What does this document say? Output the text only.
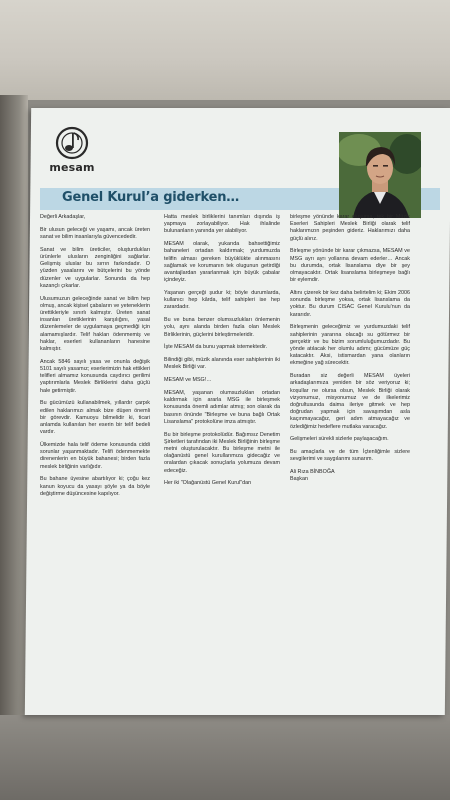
mesam
Genel Kurul’a giderken…

Değerli Arkadaşlar,

Bir ulusun geleceği ve yaşamı, ancak üreten sanat ve bilim insanlarıyla güvencededir.

Sanat ve bilim üreticiler, oluşturdukları ürünlerle ulusların zenginliğini sağlarlar. Gelişmiş uluslar bu sırrın farkındadır. O yüzden yasalarını ve bütçelerini bu yönde düzenler ve uygularlar. Sonunda da hep kazançlı çıkarlar.

Ulusumuzun geleceğinde sanat ve bilim hep olmuş, ancak kişisel çabaların ve yeteneklerin ürettikleriyle sınırlı kalmıştır. Üreten sanat insanları üretiklerinin karşılığını, yasal düzenlemeler de uygulamaya geçmediği için alamamışlardır. Telif hakları ödenmemiş ve haklar, eserleri kullananların hanesine kalmıştır.

Ancak 5846 sayılı yasa ve onunla değişik 5101 sayılı yasamız; eserlerimizin hak ettikleri telifleri almamız konusunda caydırıcı gerilimi yaptırımlarla Meslek Birliklerini daha güçlü hale getirmiştir.

Bu gücümüzü kullanabilmek, yıllardır çarpık edilen haklarımızı almak bize düşen önemli bir görevdir. Kamuoyu bilmelidir ki, ticari anlamda kullanılan her eserin bir telif bedeli vardır.

Ülkemizde hala telif ödeme konusunda ciddi sorunlar yaşanmaktadır. Telifi ödenmemekte direnenlerin en büyük bahanesi; birden fazla meslek birliğinin varlığıdır.

Bu bahane üyesine abartılıyor ki; çoğu kez kanun koyucu da yasayı şöyle ya da böyle değiştirme düşüncesine kapılıyor.

Hatta meslek birliklerini tanımları dışında iş yapmaya zorlayabiliyor. Hak ihlalinde bulunanların yanında yer alabiliyor.

MESAM olarak, yukarıda bahsettiğimiz bahaneleri ortadan kaldırmak; yurdumuzda telifin alması gereken büyüklükte alınmasını sağlamak ve korumanın tek olugunun getirdiği avantajlardan yararlanmak için büyük çabalar içindeyiz.

Yaşanan gerçeği şudur ki; böyle durumlarda, kullanıcı hep kârda, telif sahipleri ise hep zarardadır.

Bu ve buna benzer olumsuzlukları önlemenin yolu, aynı alanda birden fazla olan Meslek Birliklerinin, güçlerini birleştirmeleridir.

İşte MESAM da bunu yapmak istemektedir.

Bilindiği gibi, müzik alanında eser sahiplerinin iki Meslek Birliği var.

MESAM ve MSG!…

MESAM, yaşanan olumsuzlukları ortadan kaldırmak için ararla MSG ile birleşmek konusunda önemli adımlar atmış; son olarak da basının önünde "Birleşme ve buna bağlı Ortak Lisanslama" protokolüne imza atmıştır.

Bu bir birleşme protokolüdür. Bağımsız Denetim Şirketleri tarafından iki Meslek Birliğinin birleşme metni oluşturulacaktır. Bu birleşme metni ile olağanüstü genel kurullarımıza gidecağiz ve oralardan çıkacak sonuçlarla yolumuza devam edeceğiz.

Her iki "Olağanüstü Genel Kurul"dan

birleşme yönünde karar oluşursa, tek bir Müzik Eserleri Sahipleri Meslek Birliği olarak telif haklarımızın peşinden gideriz. Haklarımızı daha güçlü alırız.

Birleşme yönünde bir karar çıkmazsa, MESAM ve MSG ayrı ayrı yollarına devam ederler… Ancak bu durumda, ortak lisanslama diye bir şey olmayacaktır. Ortak lisanslama birleşmeye bağlı bir eylemdir.

Altını çizerek bir kez daha belirtelim ki; Ekim 2006 sonunda birleşme yoksa, ortak lisanslama da yoktur. Bu durum CISAC Genel Kurulu'nun da kararıdır.

Birleşmenin geleceğimiz ve yurdumuzdaki telif sahiplerinin yararına olacağı su götürmez bir gerçektir ve bu bizim sorumluluğumuzdadır. Bu yönde atılacak her olumlu adımı; gücümüze güç katacaktır. Aksi, istismardan yana olanların ekmeğine yağ sürecektir.

Buradan siz değerli MESAM üyeleri arkadaşlarımıza yeniden bir söz veriyoruz ki; koşullar ne olursa olsun, Meslek Birliği olarak vizyonumuz, misyonumuz ve de ilkelerimiz doğrultusunda daima ileriye gitmek ve hep doğrudan yapmak için savaşımdan asla kaçınmayacağız, geri adım atmayacağız ve özlediğimiz hedeflere mutlaka varacağız.

Gelişmeleri sürekli sizlerle paylaşacağım.

Bu amaçlarla ve de tüm İçtenliğimle sizlere sevgilerimi ve saygılarımı sunarım.

Ali Rıza BİNBOĞA
Başkan
